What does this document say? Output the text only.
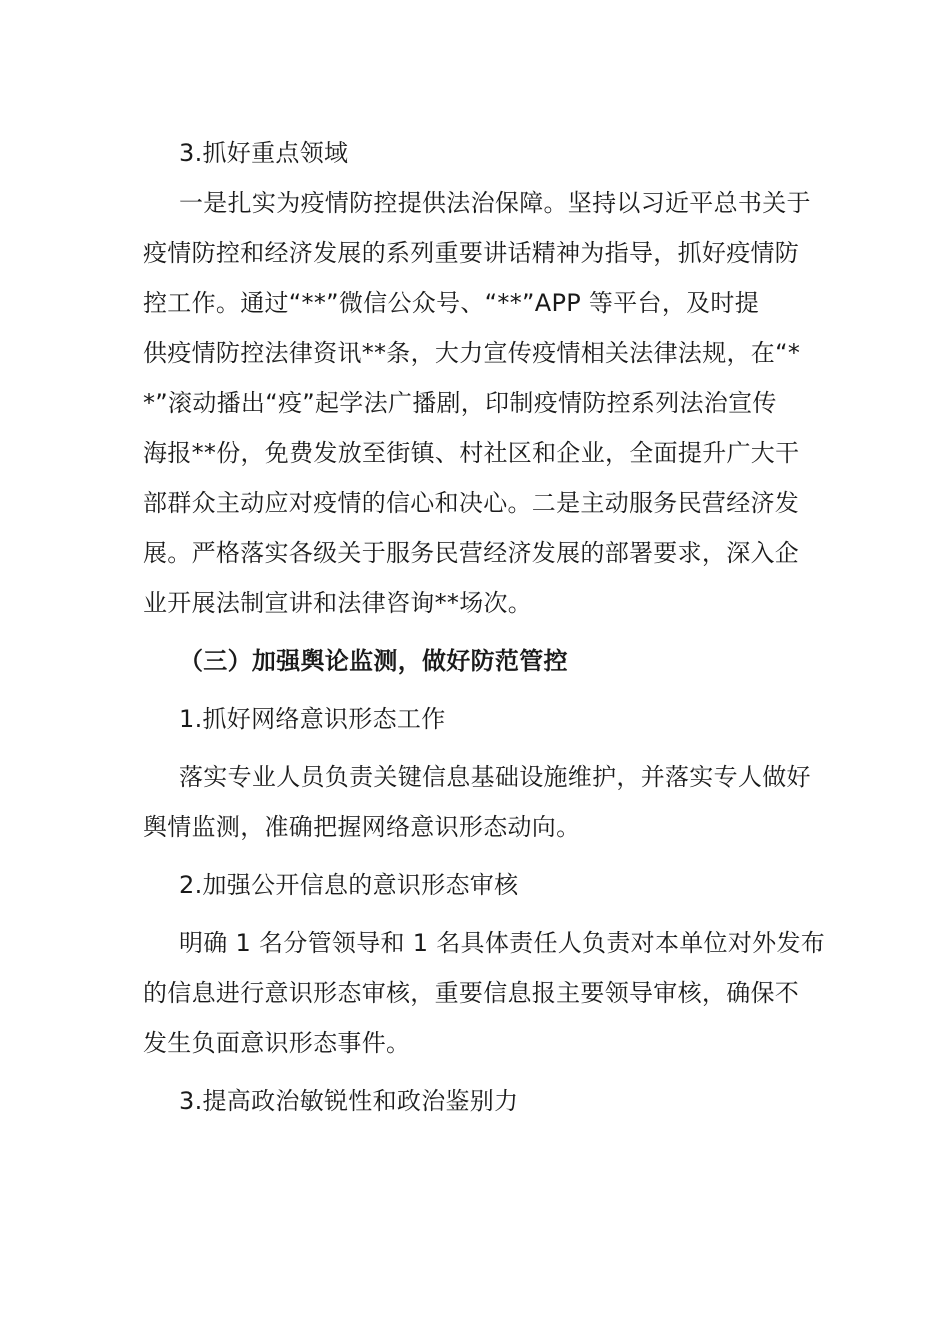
3.抓好重点领域
一是扎实为疫情防控提供法治保障。坚持以习近平总书关于
疫情防控和经济发展的系列重要讲话精神为指导，抓好疫情防
控工作。通过“**”微信公众号、“**”APP 等平台，及时提
供疫情防控法律资讯**条，大力宣传疫情相关法律法规，在“*
*”滚动播出“疫”起学法广播剧，印制疫情防控系列法治宣传
海报**份，免费发放至街镇、村社区和企业，全面提升广大干
部群众主动应对疫情的信心和决心。二是主动服务民营经济发
展。严格落实各级关于服务民营经济发展的部署要求，深入企
业开展法制宣讲和法律咨询**场次。
（三）加强舆论监测，做好防范管控
1.抓好网络意识形态工作
落实专业人员负责关键信息基础设施维护，并落实专人做好
舆情监测，准确把握网络意识形态动向。
2.加强公开信息的意识形态审核
明确 1 名分管领导和 1 名具体责任人负责对本单位对外发布
的信息进行意识形态审核，重要信息报主要领导审核，确保不
发生负面意识形态事件。
3.提高政治敏锐性和政治鉴别力
